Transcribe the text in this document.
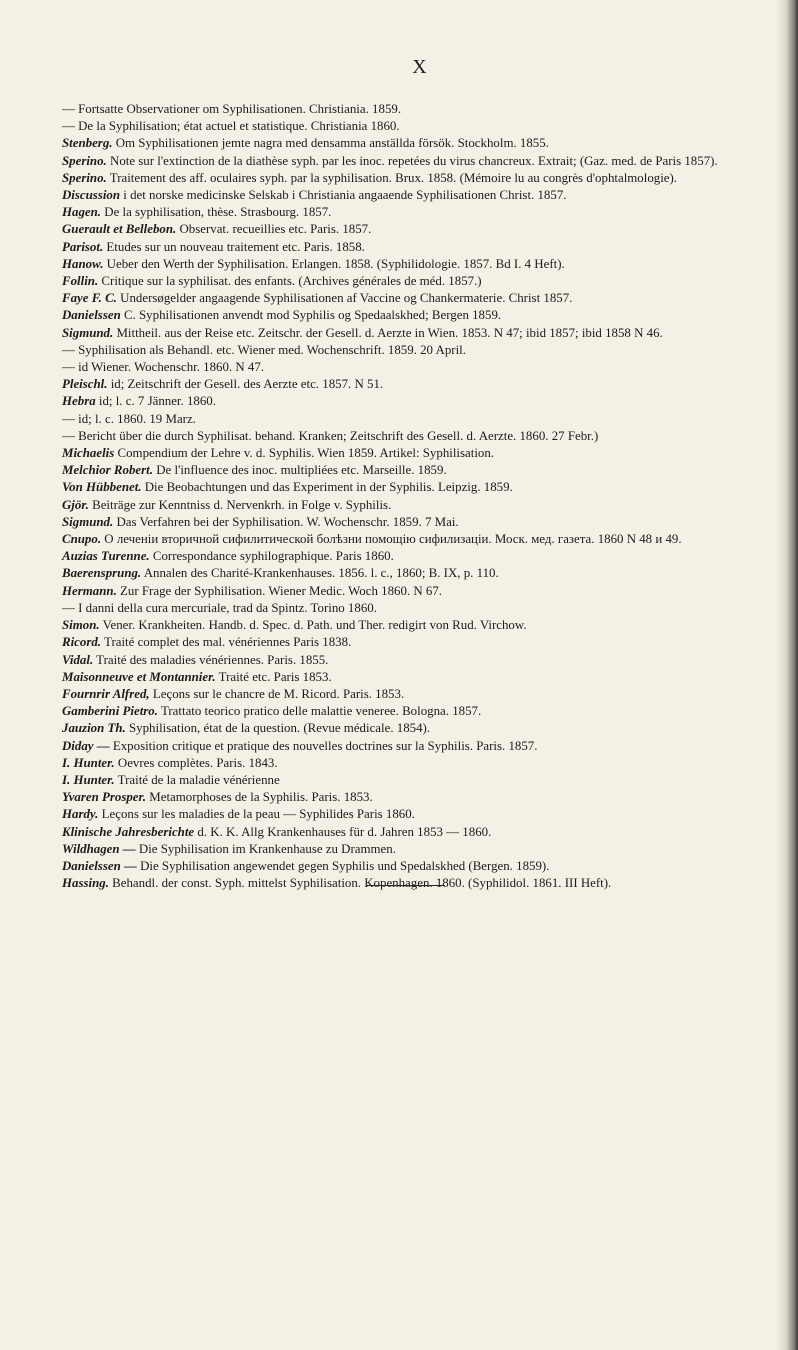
X
— Fortsatte Observationer om Syphilisationen. Christiania. 1859.
— De la Syphilisation; état actuel et statistique. Christiania 1860.
Stenberg. Om Syphilisationen jemte nagra med densamma anställda försök. Stockholm. 1855.
Sperino. Note sur l'extinction de la diathèse syph. par les inoc. repetées du virus chancreux. Extrait; (Gaz. med. de Paris 1857).
Sperino. Traitement des aff. oculaires syph. par la syphilisation. Brux. 1858. (Mémoire lu au congrès d'ophtalmologie).
Discussion i det norske medicinske Selskab i Christiania angaaende Syphilisationen Christ. 1857.
Hagen. De la syphilisation, thèse. Strasbourg. 1857.
Guerault et Bellebon. Observat. recueillies etc. Paris. 1857.
Parisot. Etudes sur un nouveau traitement etc. Paris. 1858.
Hanow. Ueber den Werth der Syphilisation. Erlangen. 1858. (Syphilidologie. 1857. Bd I. 4 Heft).
Follin. Critique sur la syphilisat. des enfants. (Archives générales de méd. 1857.)
Faye F. C. Undersøgelder angaagende Syphilisationen af Vaccine og Chankermaterie. Christ 1857.
Danielssen C. Syphilisationen anvendt mod Syphilis og Spedaalskhed; Bergen 1859.
Sigmund. Mittheil. aus der Reise etc. Zeitschr. der Gesell. d. Aerzte in Wien. 1853. N 47; ibid 1857; ibid 1858 N 46.
— Syphilisation als Behandl. etc. Wiener med. Wochenschrift. 1859. 20 April.
— id Wiener. Wochenschr. 1860. N 47.
Pleischl. id; Zeitschrift der Gesell. des Aerzte etc. 1857. N 51.
Hebra id; l. c. 7 Jänner. 1860.
— id; l. c. 1860. 19 Marz.
— Bericht über die durch Syphilisat. behand. Kranken; Zeitschrift des Gesell. d. Aerzte. 1860. 27 Febr.)
Michaelis Compendium der Lehre v. d. Syphilis. Wien 1859. Artikel: Syphilisation.
Melchior Robert. De l'influence des inoc. multipliées etc. Marseille. 1859.
Von Hübbenet. Die Beobachtungen und das Experiment in der Syphilis. Leipzig. 1859.
Gjör. Beiträge zur Kenntniss d. Nervenkrh. in Folge v. Syphilis.
Sigmund. Das Verfahren bei der Syphilisation. W. Wochenschr. 1859. 7 Mai.
Спиро. О леченіи вторичной сифилитической болѣзни помощію сифилизаціи. Моск. мед. газета. 1860 N 48 и 49.
Auzias Turenne. Correspondance syphilographique. Paris 1860.
Baerensprung. Annalen des Charité-Krankenhauses. 1856. l. c., 1860; B. IX, p. 110.
Hermann. Zur Frage der Syphilisation. Wiener Medic. Woch 1860. N 67.
— I danni della cura mercuriale, trad da Spintz. Torino 1860.
Simon. Vener. Krankheiten. Handb. d. Spec. d. Path. und Ther. redigirt von Rud. Virchow.
Ricord. Traité complet des mal. vénériennes Paris 1838.
Vidal. Traité des maladies vénériennes. Paris. 1855.
Maisonneuve et Montannier. Traité etc. Paris 1853.
Fournrir Alfred, Leçons sur le chancre de M. Ricord. Paris. 1853.
Gamberini Pietro. Trattato teorico pratico delle malattie veneree. Bologna. 1857.
Jauzion Th. Syphilisation, état de la question. (Revue médicale. 1854).
Diday — Exposition critique et pratique des nouvelles doctrines sur la Syphilis. Paris. 1857.
I. Hunter. Oevres complètes. Paris. 1843.
I. Hunter. Traité de la maladie vénérienne
Yvaren Prosper. Metamorphoses de la Syphilis. Paris. 1853.
Hardy. Leçons sur les maladies de la peau — Syphilides Paris 1860.
Klinische Jahresberichte d. K. K. Allg Krankenhauses für d. Jahren 1853 — 1860.
Wildhagen — Die Syphilisation im Krankenhause zu Drammen.
Danielssen — Die Syphilisation angewendet gegen Syphilis und Spedalskhed (Bergen. 1859).
Hassing. Behandl. der const. Syph. mittelst Syphilisation. Kopenhagen. 1860. (Syphilidol. 1861. III Heft).
